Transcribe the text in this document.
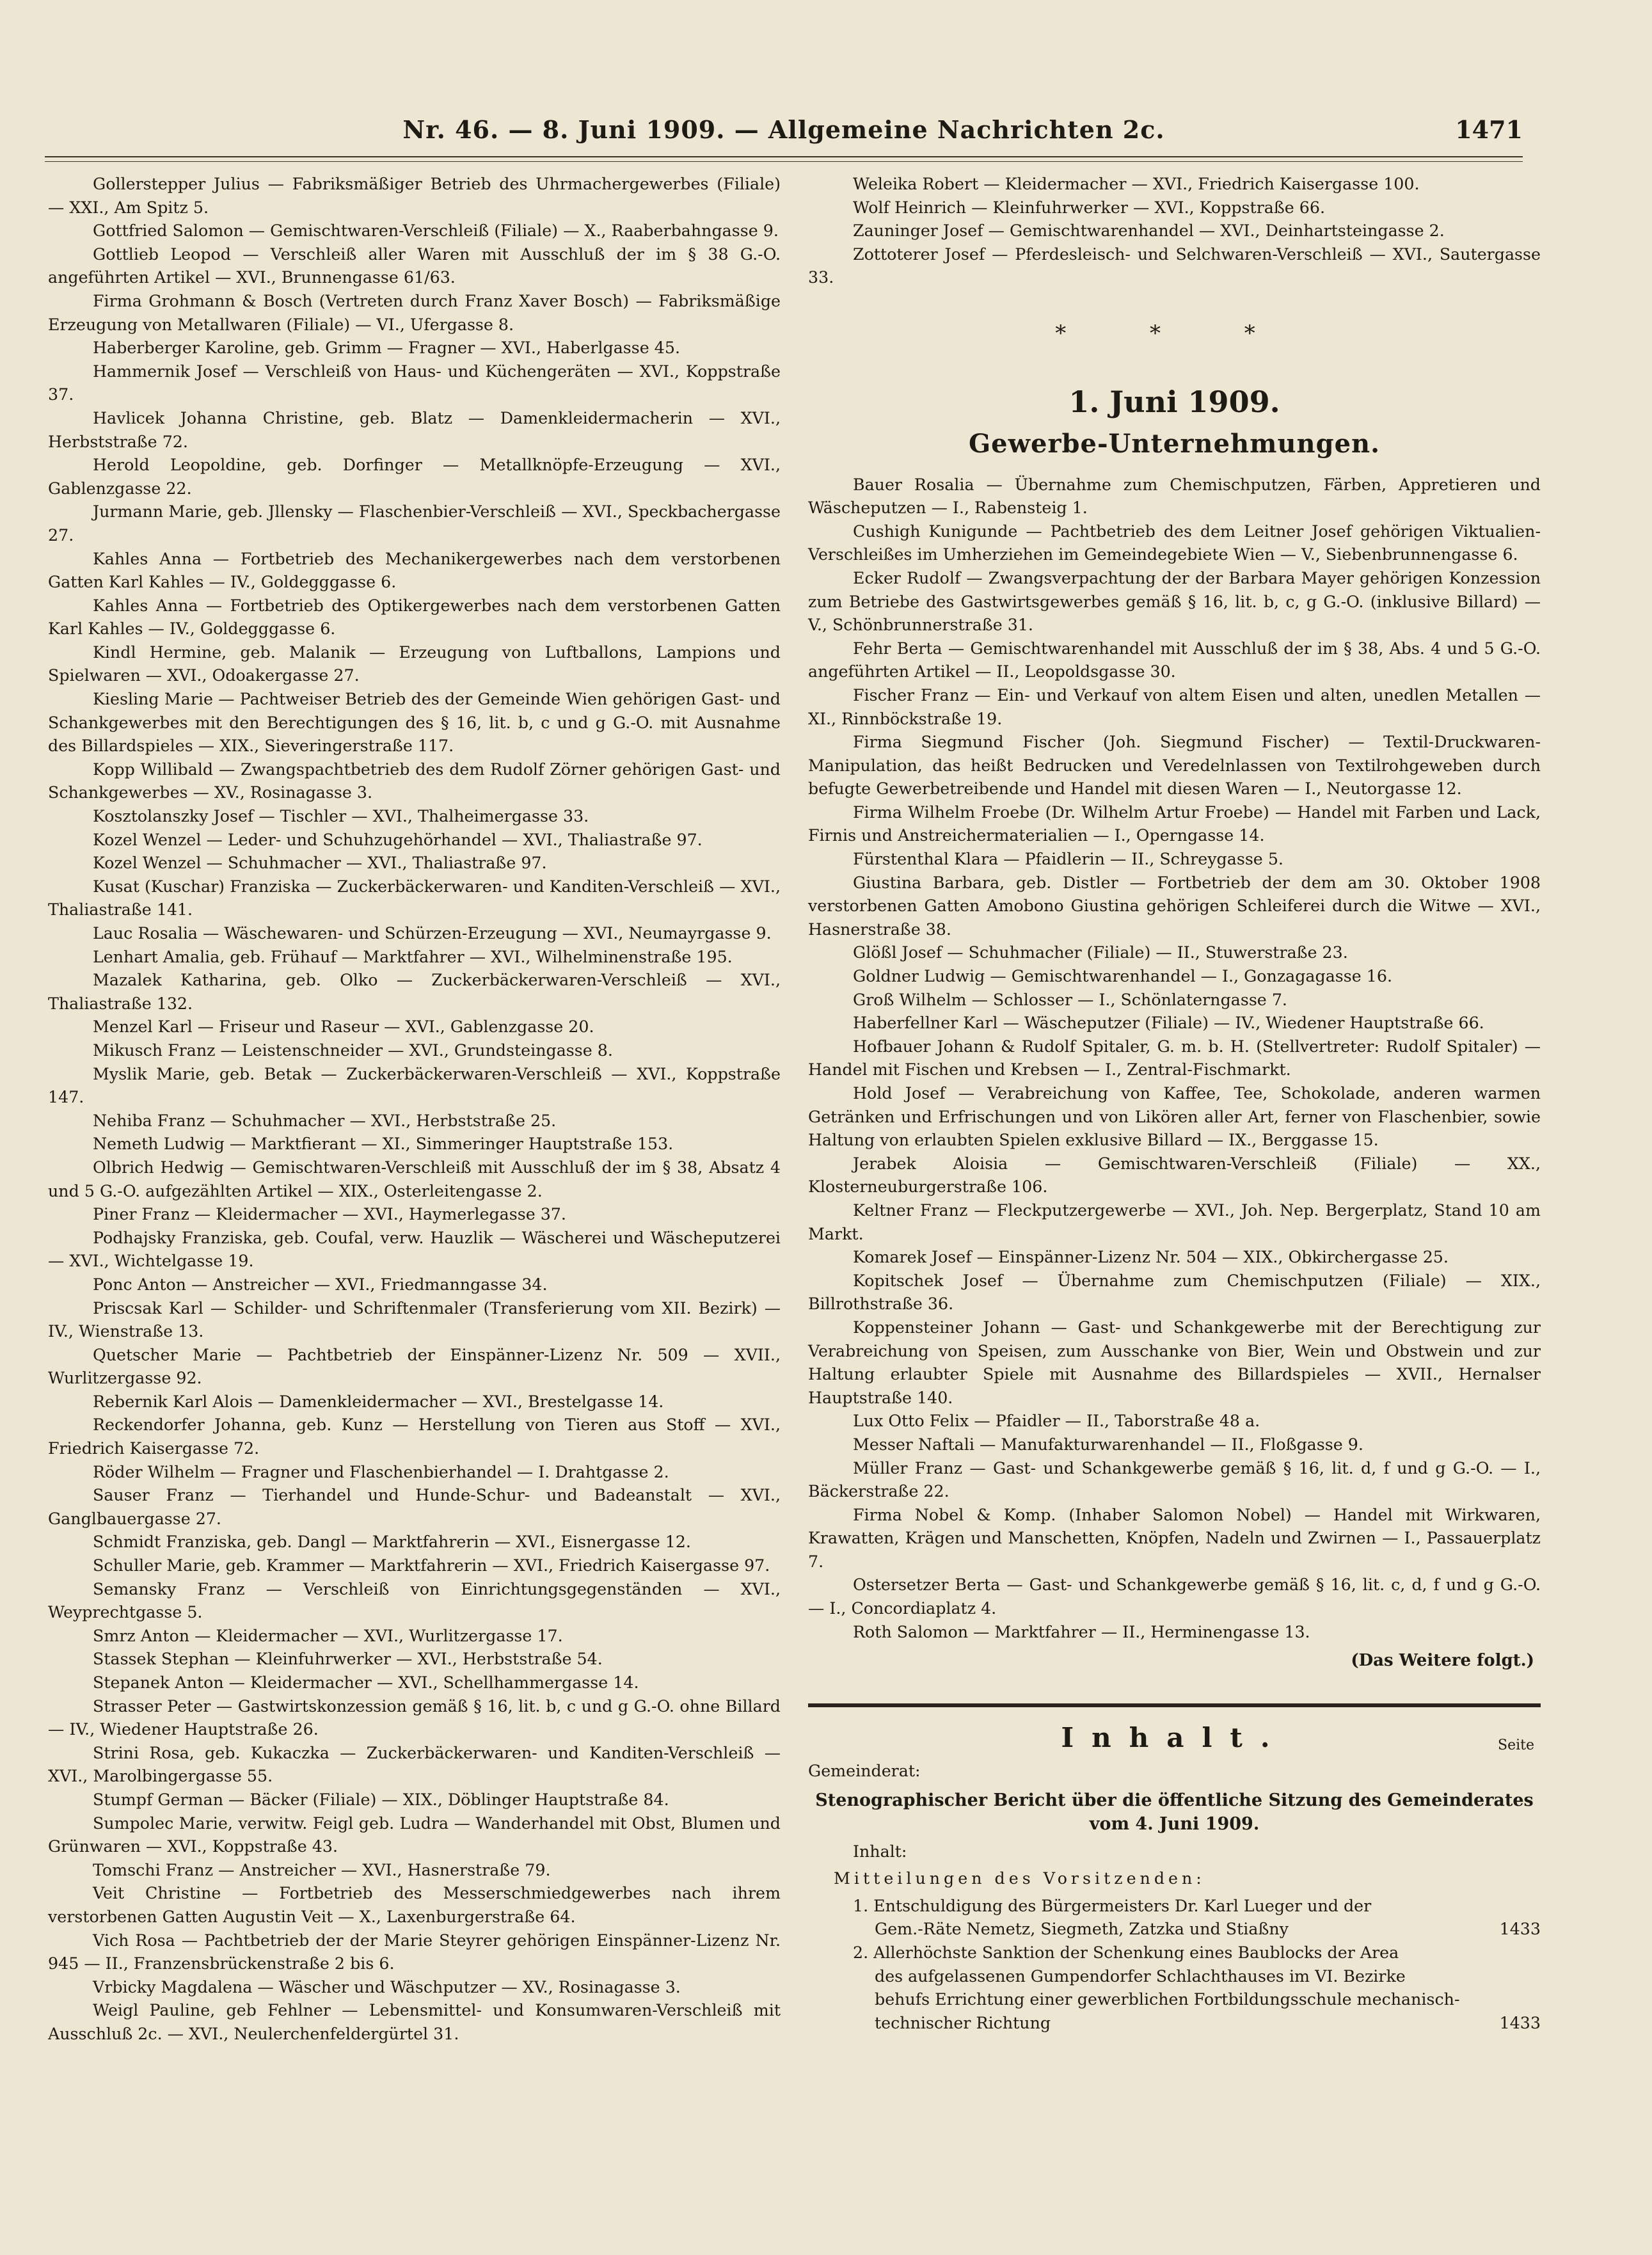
Nr. 46. — 8. Juni 1909. — Allgemeine Nachrichten 2c.	1471

Gollerstepper Julius — Fabriksmäßiger Betrieb des Uhrmachergewerbes (Filiale) — XXI., Am Spitz 5.

Gottfried Salomon — Gemischtwaren-Verschleiß (Filiale) — X., Raaberbahngasse 9.

Gottlieb Leopod — Verschleiß aller Waren mit Ausschluß der im § 38 G.-O. angeführten Artikel — XVI., Brunnengasse 61/63.

Firma Grohmann & Bosch (Vertreten durch Franz Xaver Bosch) — Fabriksmäßige Erzeugung von Metallwaren (Filiale) — VI., Ufergasse 8.

Haberberger Karoline, geb. Grimm — Fragner — XVI., Haberlgasse 45.

Hammernik Josef — Verschleiß von Haus- und Küchengeräten — XVI., Koppstraße 37.

Havlicek Johanna Christine, geb. Blatz — Damenkleidermacherin — XVI., Herbststraße 72.

Herold Leopoldine, geb. Dorfinger — Metallknöpfe-Erzeugung — XVI., Gablenzgasse 22.

Jurmann Marie, geb. Jllensky — Flaschenbier-Verschleiß — XVI., Speckbachergasse 27.

Kahles Anna — Fortbetrieb des Mechanikergewerbes nach dem verstorbenen Gatten Karl Kahles — IV., Goldegggasse 6.

Kahles Anna — Fortbetrieb des Optikergewerbes nach dem verstorbenen Gatten Karl Kahles — IV., Goldegggasse 6.

Kindl Hermine, geb. Malanik — Erzeugung von Luftballons, Lampions und Spielwaren — XVI., Odoakergasse 27.

Kiesling Marie — Pachtweiser Betrieb des der Gemeinde Wien gehörigen Gast- und Schankgewerbes mit den Berechtigungen des § 16, lit. b, c und g G.-O. mit Ausnahme des Billardspieles — XIX., Sieveringerstraße 117.

Kopp Willibald — Zwangspachtbetrieb des dem Rudolf Zörner gehörigen Gast- und Schankgewerbes — XV., Rosinagasse 3.

Kosztolanszky Josef — Tischler — XVI., Thalheimergasse 33.

Kozel Wenzel — Leder- und Schuhzugehörhandel — XVI., Thaliastraße 97.

Kozel Wenzel — Schuhmacher — XVI., Thaliastraße 97.

Kusat (Kuschar) Franziska — Zuckerbäckerwaren- und Kanditen-Verschleiß — XVI., Thaliastraße 141.

Lauc Rosalia — Wäschewaren- und Schürzen-Erzeugung — XVI., Neumayrgasse 9.

Lenhart Amalia, geb. Frühauf — Marktfahrer — XVI., Wilhelminenstraße 195.

Mazalek Katharina, geb. Olko — Zuckerbäckerwaren-Verschleiß — XVI., Thaliastraße 132.

Menzel Karl — Friseur und Raseur — XVI., Gablenzgasse 20.

Mikusch Franz — Leistenschneider — XVI., Grundsteingasse 8.

Myslik Marie, geb. Betak — Zuckerbäckerwaren-Verschleiß — XVI., Koppstraße 147.

Nehiba Franz — Schuhmacher — XVI., Herbststraße 25.

Nemeth Ludwig — Marktfierant — XI., Simmeringer Hauptstraße 153.

Olbrich Hedwig — Gemischtwaren-Verschleiß mit Ausschluß der im § 38, Absatz 4 und 5 G.-O. aufgezählten Artikel — XIX., Osterleitengasse 2.

Piner Franz — Kleidermacher — XVI., Haymerlegasse 37.

Podhajsky Franziska, geb. Coufal, verw. Hauzlik — Wäscherei und Wäscheputzerei — XVI., Wichtelgasse 19.

Ponc Anton — Anstreicher — XVI., Friedmanngasse 34.

Priscsak Karl — Schilder- und Schriftenmaler (Transferierung vom XII. Bezirk) — IV., Wienstraße 13.

Quetscher Marie — Pachtbetrieb der Einspänner-Lizenz Nr. 509 — XVII., Wurlitzergasse 92.

Rebernik Karl Alois — Damenkleidermacher — XVI., Brestelgasse 14.

Reckendorfer Johanna, geb. Kunz — Herstellung von Tieren aus Stoff — XVI., Friedrich Kaisergasse 72.

Röder Wilhelm — Fragner und Flaschenbierhandel — I. Drahtgasse 2.

Sauser Franz — Tierhandel und Hunde-Schur- und Badeanstalt — XVI., Ganglbauergasse 27.

Schmidt Franziska, geb. Dangl — Marktfahrerin — XVI., Eisnergasse 12.

Schuller Marie, geb. Krammer — Marktfahrerin — XVI., Friedrich Kaisergasse 97.

Semansky Franz — Verschleiß von Einrichtungsgegenständen — XVI., Weyprechtgasse 5.

Smrz Anton — Kleidermacher — XVI., Wurlitzergasse 17.

Stassek Stephan — Kleinfuhrwerker — XVI., Herbststraße 54.

Stepanek Anton — Kleidermacher — XVI., Schellhammergasse 14.

Strasser Peter — Gastwirtskonzession gemäß § 16, lit. b, c und g G.-O. ohne Billard — IV., Wiedener Hauptstraße 26.

Strini Rosa, geb. Kukaczka — Zuckerbäckerwaren- und Kanditen-Verschleiß — XVI., Marolbingergasse 55.

Stumpf German — Bäcker (Filiale) — XIX., Döblinger Hauptstraße 84.

Sumpolec Marie, verwitw. Feigl geb. Ludra — Wanderhandel mit Obst, Blumen und Grünwaren — XVI., Koppstraße 43.

Tomschi Franz — Anstreicher — XVI., Hasnerstraße 79.

Veit Christine — Fortbetrieb des Messerschmiedgewerbes nach ihrem verstorbenen Gatten Augustin Veit — X., Laxenburgerstraße 64.

Vich Rosa — Pachtbetrieb der der Marie Steyrer gehörigen Einspänner-Lizenz Nr. 945 — II., Franzensbrückenstraße 2 bis 6.

Vrbicky Magdalena — Wäscher und Wäschputzer — XV., Rosinagasse 3.

Weigl Pauline, geb Fehlner — Lebensmittel- und Konsumwaren-Verschleiß mit Ausschluß 2c. — XVI., Neulerchenfeldergürtel 31.

Weleika Robert — Kleidermacher — XVI., Friedrich Kaisergasse 100.

Wolf Heinrich — Kleinfuhrwerker — XVI., Koppstraße 66.

Zauninger Josef — Gemischtwarenhandel — XVI., Deinhartsteingasse 2.

Zottoterer Josef — Pferdesleisch- und Selchwaren-Verschleiß — XVI., Sautergasse 33.

* * *
1. Juni 1909.
Gewerbe-Unternehmungen.

Bauer Rosalia — Übernahme zum Chemischputzen, Färben, Appretieren und Wäscheputzen — I., Rabensteig 1.

Cushigh Kunigunde — Pachtbetrieb des dem Leitner Josef gehörigen Viktualien-Verschleißes im Umherziehen im Gemeindegebiete Wien — V., Siebenbrunnengasse 6.

Ecker Rudolf — Zwangsverpachtung der der Barbara Mayer gehörigen Konzession zum Betriebe des Gastwirtsgewerbes gemäß § 16, lit. b, c, g G.-O. (inklusive Billard) — V., Schönbrunnerstraße 31.

Fehr Berta — Gemischtwarenhandel mit Ausschluß der im § 38, Abs. 4 und 5 G.-O. angeführten Artikel — II., Leopoldsgasse 30.

Fischer Franz — Ein- und Verkauf von altem Eisen und alten, unedlen Metallen — XI., Rinnböckstraße 19.

Firma Siegmund Fischer (Joh. Siegmund Fischer) — Textil-Druckwaren-Manipulation, das heißt Bedrucken und Veredelnlassen von Textilrohgeweben durch befugte Gewerbetreibende und Handel mit diesen Waren — I., Neutorgasse 12.

Firma Wilhelm Froebe (Dr. Wilhelm Artur Froebe) — Handel mit Farben und Lack, Firnis und Anstreichermaterialien — I., Operngasse 14.

Fürstenthal Klara — Pfaidlerin — II., Schreygasse 5.

Giustina Barbara, geb. Distler — Fortbetrieb der dem am 30. Oktober 1908 verstorbenen Gatten Amobono Giustina gehörigen Schleiferei durch die Witwe — XVI., Hasnerstraße 38.

Glößl Josef — Schuhmacher (Filiale) — II., Stuwerstraße 23.

Goldner Ludwig — Gemischtwarenhandel — I., Gonzagagasse 16.

Groß Wilhelm — Schlosser — I., Schönlaterngasse 7.

Haberfellner Karl — Wäscheputzer (Filiale) — IV., Wiedener Hauptstraße 66.

Hofbauer Johann & Rudolf Spitaler, G. m. b. H. (Stellvertreter: Rudolf Spitaler) — Handel mit Fischen und Krebsen — I., Zentral-Fischmarkt.

Hold Josef — Verabreichung von Kaffee, Tee, Schokolade, anderen warmen Getränken und Erfrischungen und von Likören aller Art, ferner von Flaschenbier, sowie Haltung von erlaubten Spielen exklusive Billard — IX., Berggasse 15.

Jerabek Aloisia — Gemischtwaren-Verschleiß (Filiale) — XX., Klosterneuburgerstraße 106.

Keltner Franz — Fleckputzergewerbe — XVI., Joh. Nep. Bergerplatz, Stand 10 am Markt.

Komarek Josef — Einspänner-Lizenz Nr. 504 — XIX., Obkirchergasse 25.

Kopitschek Josef — Übernahme zum Chemischputzen (Filiale) — XIX., Billrothstraße 36.

Koppensteiner Johann — Gast- und Schankgewerbe mit der Berechtigung zur Verabreichung von Speisen, zum Ausschanke von Bier, Wein und Obstwein und zur Haltung erlaubter Spiele mit Ausnahme des Billardspieles — XVII., Hernalser Hauptstraße 140.

Lux Otto Felix — Pfaidler — II., Taborstraße 48 a.

Messer Naftali — Manufakturwarenhandel — II., Floßgasse 9.

Müller Franz — Gast- und Schankgewerbe gemäß § 16, lit. d, f und g G.-O. — I., Bäckerstraße 22.

Firma Nobel & Komp. (Inhaber Salomon Nobel) — Handel mit Wirkwaren, Krawatten, Krägen und Manschetten, Knöpfen, Nadeln und Zwirnen — I., Passauerplatz 7.

Ostersetzer Berta — Gast- und Schankgewerbe gemäß § 16, lit. c, d, f und g G.-O. — I., Concordiaplatz 4.

Roth Salomon — Marktfahrer — II., Herminengasse 13.

(Das Weitere folgt.)
Inhalt.	Seite

Gemeinderat:

Stenographischer Bericht über die öffentliche Sitzung des Gemeinderates vom 4. Juni 1909.

Inhalt:

Mitteilungen des Vorsitzenden:

1. Entschuldigung des Bürgermeisters Dr. Karl Lueger und der
Gem.-Räte Nemetz, Siegmeth, Zatzka und Stiaßny	1433
2. Allerhöchste Sanktion der Schenkung eines Baublocks der Area
des aufgelassenen Gumpendorfer Schlachthauses im VI. Bezirke
behufs Errichtung einer gewerblichen Fortbildungsschule mechanisch-
technischer Richtung	1433
